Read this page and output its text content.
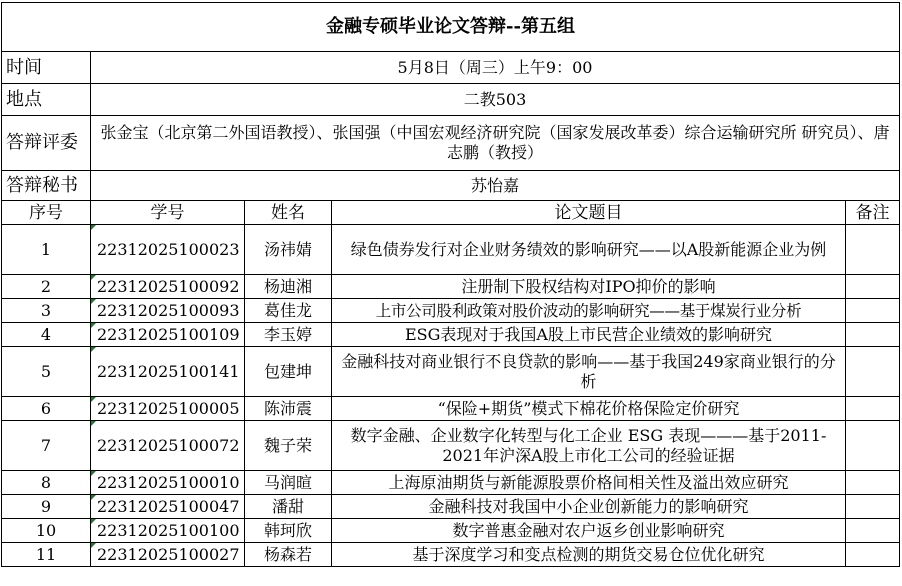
金融专硕毕业论文答辩--第五组				
时间	5月8日（周三）上午9：00			
地点	二教503			
答辩评委	张金宝（北京第二外国语教授）、张国强（中国宏观经济研究院（国家发展改革委）综合运输研究所 研究员）、唐志鹏（教授）			
答辩秘书	苏怡嘉			
序号	学号	姓名	论文题目	备注
1	22312025100023	汤祎婧	绿色债券发行对企业财务绩效的影响研究——以A股新能源企业为例	
2	22312025100092	杨迪湘	注册制下股权结构对IPO抑价的影响	
3	22312025100093	葛佳龙	上市公司股利政策对股价波动的影响研究——基于煤炭行业分析	
4	22312025100109	李玉婷	ESG表现对于我国A股上市民营企业绩效的影响研究	
5	22312025100141	包建坤	金融科技对商业银行不良贷款的影响——基于我国249家商业银行的分析	
6	22312025100005	陈沛震	“保险+期货”模式下棉花价格保险定价研究	
7	22312025100072	魏子荣	数字金融、企业数字化转型与化工企业 ESG 表现———基于2011-2021年沪深A股上市化工公司的经验证据	
8	22312025100010	马润暄	上海原油期货与新能源股票价格间相关性及溢出效应研究	
9	22312025100047	潘甜	金融科技对我国中小企业创新能力的影响研究	
10	22312025100100	韩珂欣	数字普惠金融对农户返乡创业影响研究	
11	22312025100027	杨森若	基于深度学习和变点检测的期货交易仓位优化研究	
